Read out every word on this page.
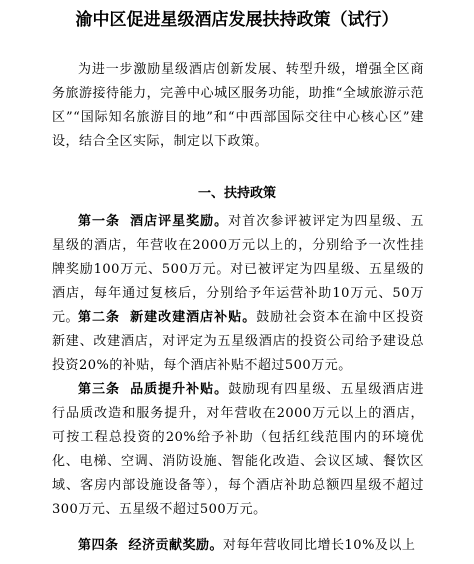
渝中区促进星级酒店发展扶持政策（试行）

为进一步激励星级酒店创新发展、转型升级，增强全区商务旅游接待能力，完善中心城区服务功能，助推“全域旅游示范区”“国际知名旅游目的地”和“中西部国际交往中心核心区”建设，结合全区实际，制定以下政策。

一、扶持政策

第一条 酒店评星奖励。对首次参评被评定为四星级、五星级的酒店，年营收在2000万元以上的，分别给予一次性挂牌奖励100万元、500万元。对已被评定为四星级、五星级的酒店，每年通过复核后，分别给予年运营补助10万元、50万元。

第二条 新建改建酒店补贴。鼓励社会资本在渝中区投资新建、改建酒店，对评定为五星级酒店的投资公司给予建设总投资20%的补贴，每个酒店补贴不超过500万元。

第三条 品质提升补贴。鼓励现有四星级、五星级酒店进行品质改造和服务提升，对年营收在2000万元以上的酒店，可按工程总投资的20%给予补助（包括红线范围内的环境优化、电梯、空调、消防设施、智能化改造、会议区域、餐饮区域、客房内部设施设备等），每个酒店补助总额四星级不超过300万元、五星级不超过500万元。

第四条 经济贡献奖励。对每年营收同比增长10%及以上
